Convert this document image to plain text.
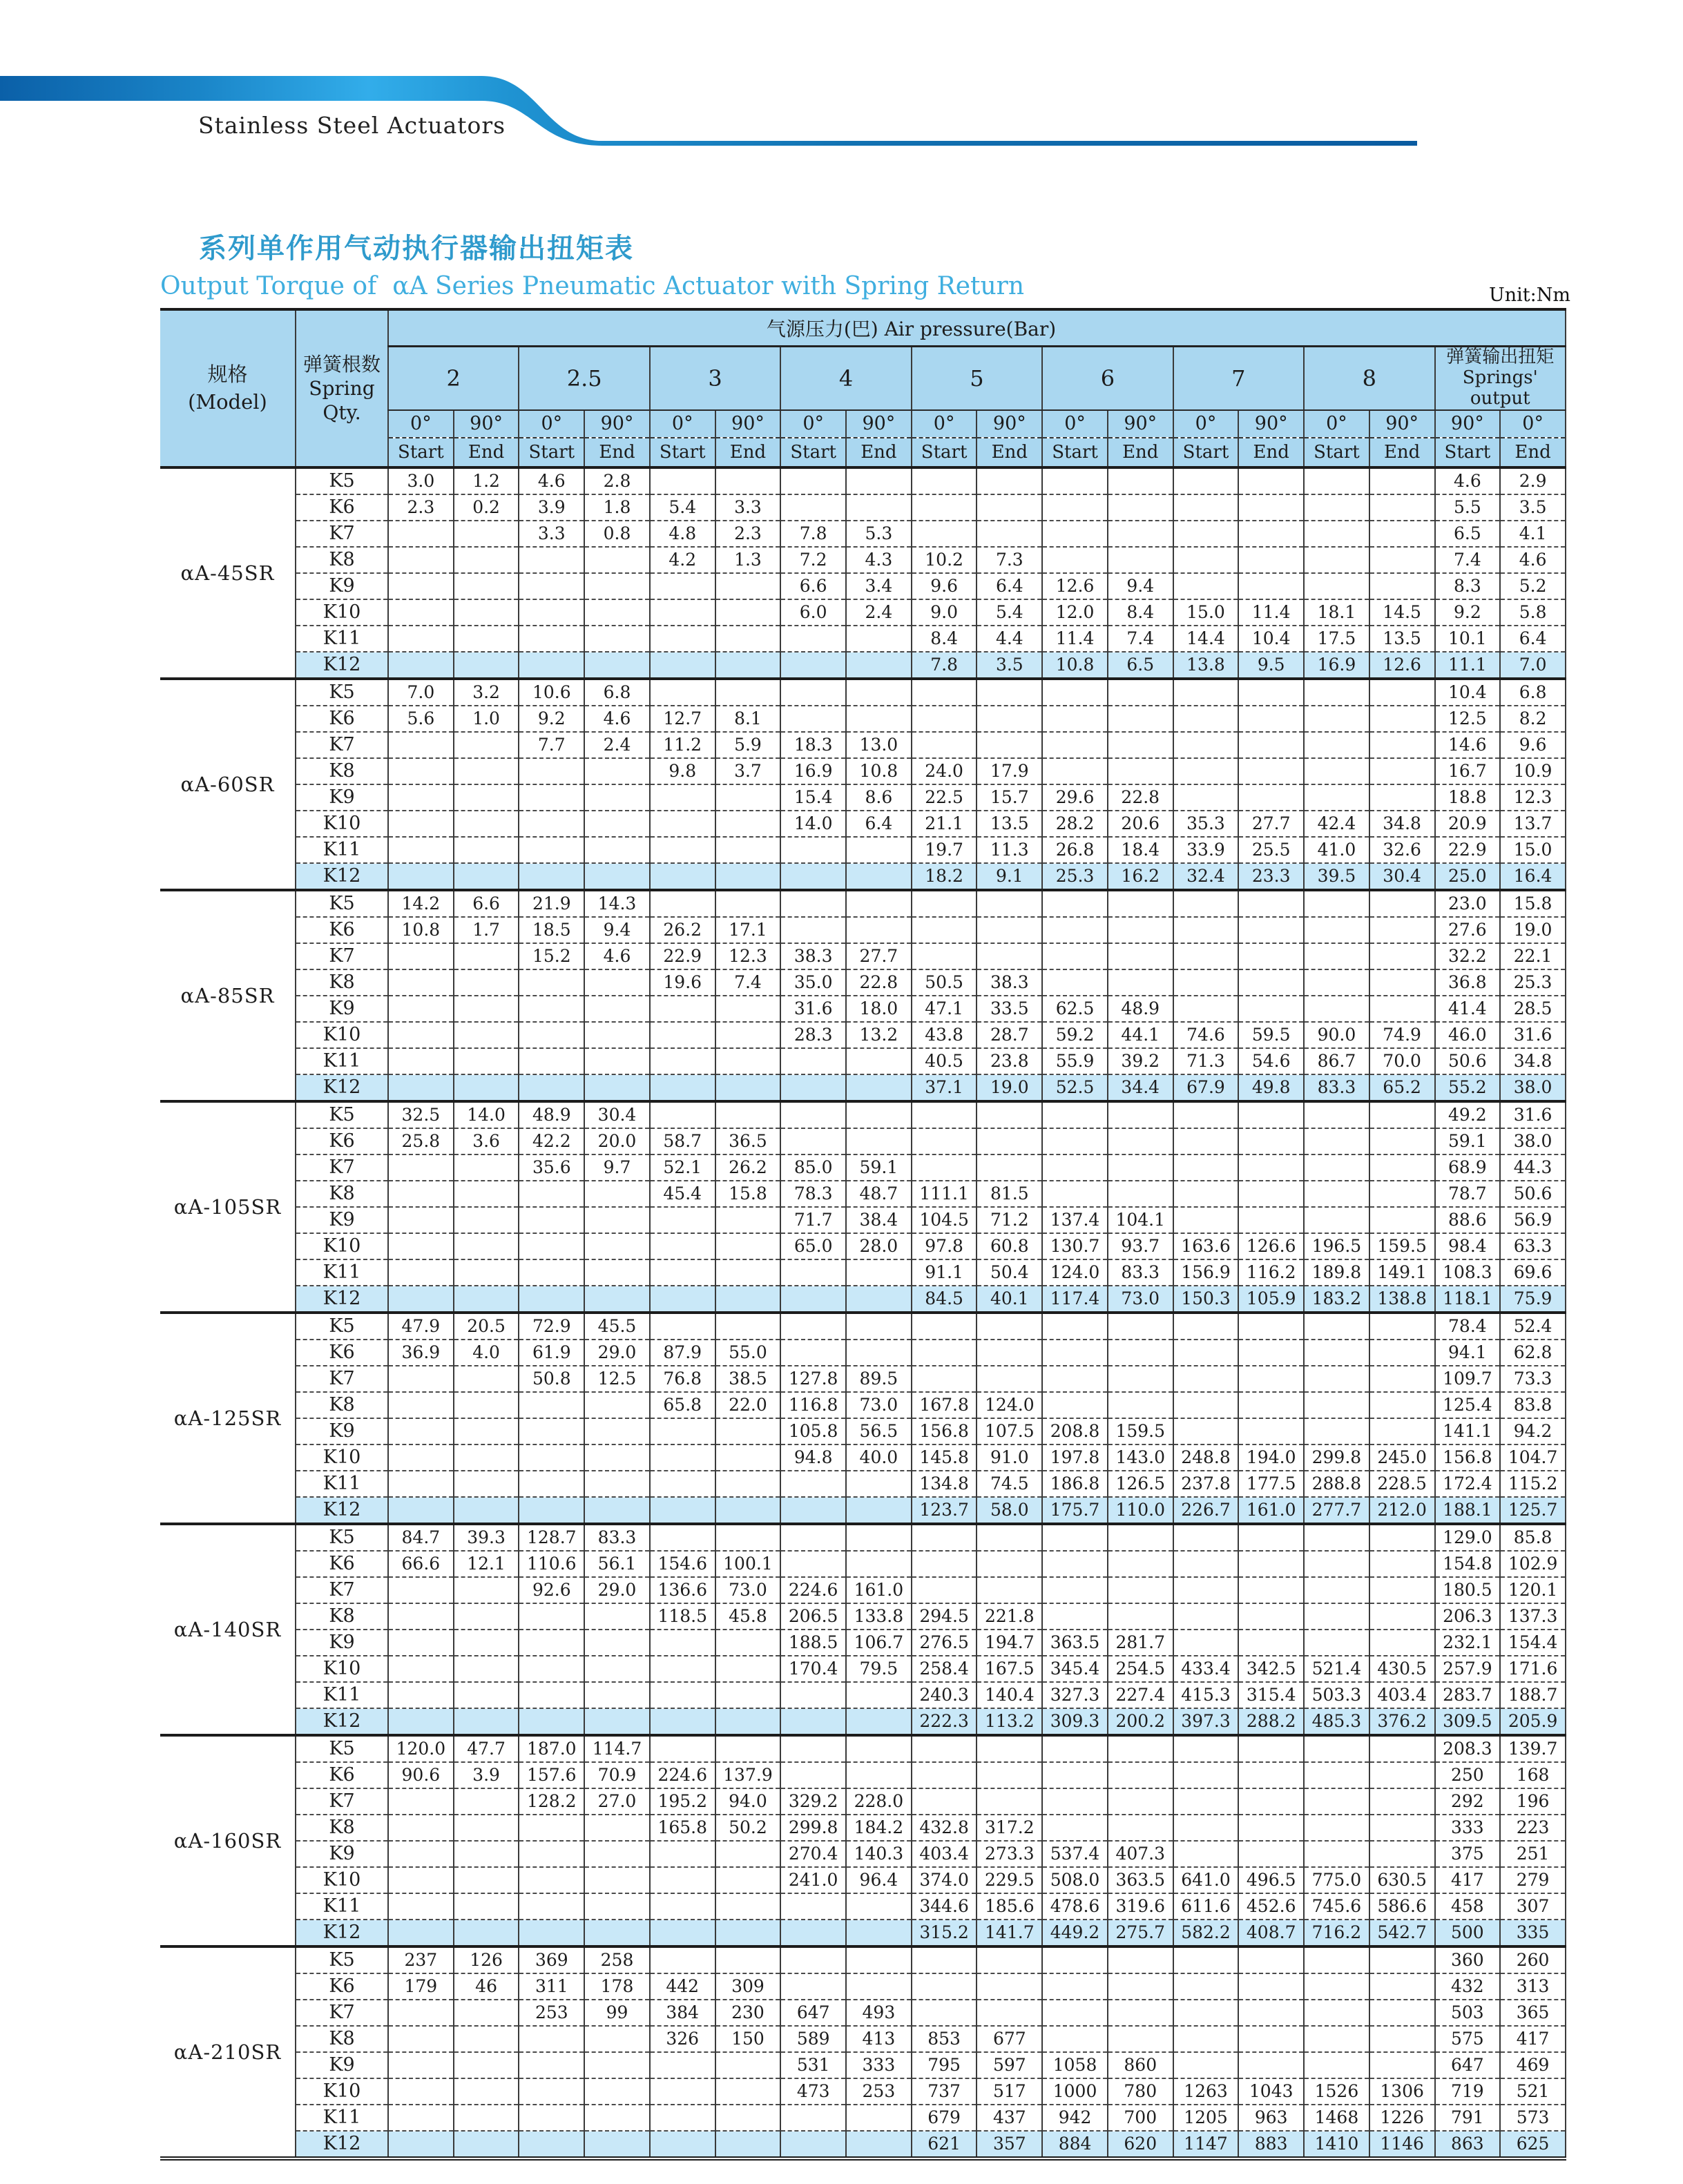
Stainless Steel Actuators
系列单作用气动执行器输出扭矩表
Output Torque of  αA Series Pneumatic Actuator with Spring Return	Unit:Nm
规格
(Model)

弹簧根数
Spring
Qty.
	气源压力(巴) Air pressure(Bar)
		2		2.5		3		4		5		6		7		8		弹簧输出扭矩
Springs' output	

		0°	90°	0°	90°	0°	90°	0°	90°	0°	90°	0°	90°	0°	90°	0°	90°	90°	0°
		Start	End	Start	End	Start	End	Start	End	Start	End	Start	End	Start	End	Start	End	Start	End
αA-45SR	K5	3.0	1.2	4.6	2.8													4.6	2.9
	K6	2.3	0.2	3.9	1.8	5.4	3.3											5.5	3.5
	K7			3.3	0.8	4.8	2.3	7.8	5.3									6.5	4.1
	K8					4.2	1.3	7.2	4.3	10.2	7.3							7.4	4.6
	K9							6.6	3.4	9.6	6.4	12.6	9.4					8.3	5.2
	K10							6.0	2.4	9.0	5.4	12.0	8.4	15.0	11.4	18.1	14.5	9.2	5.8
	K11									8.4	4.4	11.4	7.4	14.4	10.4	17.5	13.5	10.1	6.4
	K12									7.8	3.5	10.8	6.5	13.8	9.5	16.9	12.6	11.1	7.0
αA-60SR	K5	7.0	3.2	10.6	6.8													10.4	6.8
	K6	5.6	1.0	9.2	4.6	12.7	8.1											12.5	8.2
	K7			7.7	2.4	11.2	5.9	18.3	13.0									14.6	9.6
	K8					9.8	3.7	16.9	10.8	24.0	17.9							16.7	10.9
	K9							15.4	8.6	22.5	15.7	29.6	22.8					18.8	12.3
	K10							14.0	6.4	21.1	13.5	28.2	20.6	35.3	27.7	42.4	34.8	20.9	13.7
	K11									19.7	11.3	26.8	18.4	33.9	25.5	41.0	32.6	22.9	15.0
	K12									18.2	9.1	25.3	16.2	32.4	23.3	39.5	30.4	25.0	16.4
αA-85SR	K5	14.2	6.6	21.9	14.3													23.0	15.8
	K6	10.8	1.7	18.5	9.4	26.2	17.1											27.6	19.0
	K7			15.2	4.6	22.9	12.3	38.3	27.7									32.2	22.1
	K8					19.6	7.4	35.0	22.8	50.5	38.3							36.8	25.3
	K9							31.6	18.0	47.1	33.5	62.5	48.9					41.4	28.5
	K10							28.3	13.2	43.8	28.7	59.2	44.1	74.6	59.5	90.0	74.9	46.0	31.6
	K11									40.5	23.8	55.9	39.2	71.3	54.6	86.7	70.0	50.6	34.8
	K12									37.1	19.0	52.5	34.4	67.9	49.8	83.3	65.2	55.2	38.0
αA-105SR	K5	32.5	14.0	48.9	30.4													49.2	31.6
	K6	25.8	3.6	42.2	20.0	58.7	36.5											59.1	38.0
	K7			35.6	9.7	52.1	26.2	85.0	59.1									68.9	44.3
	K8					45.4	15.8	78.3	48.7	111.1	81.5							78.7	50.6
	K9							71.7	38.4	104.5	71.2	137.4	104.1					88.6	56.9
	K10							65.0	28.0	97.8	60.8	130.7	93.7	163.6	126.6	196.5	159.5	98.4	63.3
	K11									91.1	50.4	124.0	83.3	156.9	116.2	189.8	149.1	108.3	69.6
	K12									84.5	40.1	117.4	73.0	150.3	105.9	183.2	138.8	118.1	75.9
αA-125SR	K5	47.9	20.5	72.9	45.5													78.4	52.4
	K6	36.9	4.0	61.9	29.0	87.9	55.0											94.1	62.8
	K7			50.8	12.5	76.8	38.5	127.8	89.5									109.7	73.3
	K8					65.8	22.0	116.8	73.0	167.8	124.0							125.4	83.8
	K9							105.8	56.5	156.8	107.5	208.8	159.5					141.1	94.2
	K10							94.8	40.0	145.8	91.0	197.8	143.0	248.8	194.0	299.8	245.0	156.8	104.7
	K11									134.8	74.5	186.8	126.5	237.8	177.5	288.8	228.5	172.4	115.2
	K12									123.7	58.0	175.7	110.0	226.7	161.0	277.7	212.0	188.1	125.7
αA-140SR	K5	84.7	39.3	128.7	83.3													129.0	85.8
	K6	66.6	12.1	110.6	56.1	154.6	100.1											154.8	102.9
	K7			92.6	29.0	136.6	73.0	224.6	161.0									180.5	120.1
	K8					118.5	45.8	206.5	133.8	294.5	221.8							206.3	137.3
	K9							188.5	106.7	276.5	194.7	363.5	281.7					232.1	154.4
	K10							170.4	79.5	258.4	167.5	345.4	254.5	433.4	342.5	521.4	430.5	257.9	171.6
	K11									240.3	140.4	327.3	227.4	415.3	315.4	503.3	403.4	283.7	188.7
	K12									222.3	113.2	309.3	200.2	397.3	288.2	485.3	376.2	309.5	205.9
αA-160SR	K5	120.0	47.7	187.0	114.7													208.3	139.7
	K6	90.6	3.9	157.6	70.9	224.6	137.9											250	168
	K7			128.2	27.0	195.2	94.0	329.2	228.0									292	196
	K8					165.8	50.2	299.8	184.2	432.8	317.2							333	223
	K9							270.4	140.3	403.4	273.3	537.4	407.3					375	251
	K10							241.0	96.4	374.0	229.5	508.0	363.5	641.0	496.5	775.0	630.5	417	279
	K11									344.6	185.6	478.6	319.6	611.6	452.6	745.6	586.6	458	307
	K12									315.2	141.7	449.2	275.7	582.2	408.7	716.2	542.7	500	335
αA-210SR	K5	237	126	369	258													360	260
	K6	179	46	311	178	442	309											432	313
	K7			253	99	384	230	647	493									503	365
	K8					326	150	589	413	853	677							575	417
	K9							531	333	795	597	1058	860					647	469
	K10							473	253	737	517	1000	780	1263	1043	1526	1306	719	521
	K11									679	437	942	700	1205	963	1468	1226	791	573
	K12									621	357	884	620	1147	883	1410	1146	863	625
